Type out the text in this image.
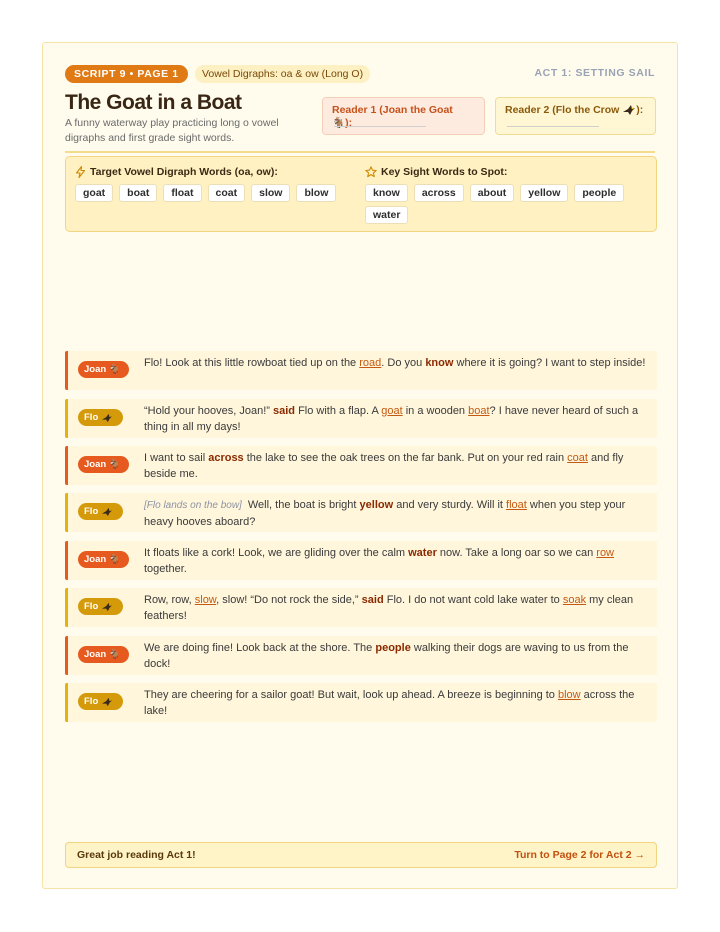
SCRIPT 9 • PAGE 1	Vowel Digraphs: oa & ow (Long O)	ACT 1: SETTING SAIL
The Goat in a Boat
A funny waterway play practicing long o vowel digraphs and first grade sight words.
Reader 1 (Joan the Goat 🐐):
Reader 2 (Flo the Crow ):
Target Vowel Digraph Words (oa, ow):
goat	boat	float	coat	slow	blow
Key Sight Words to Spot:
know	across	about	yellow	people
water
Joan 🐐
Flo! Look at this little rowboat tied up on the road. Do you know where it is going? I want to step inside!
Flo
“Hold your hooves, Joan!” said Flo with a flap. A goat in a wooden boat? I have never heard of such a thing in all my days!
Joan 🐐
I want to sail across the lake to see the oak trees on the far bank. Put on your red rain coat and fly beside me.
Flo
[Flo lands on the bow] Well, the boat is bright yellow and very sturdy. Will it float when you step your heavy hooves aboard?
Joan 🐐
It floats like a cork! Look, we are gliding over the calm water now. Take a long oar so we can row together.
Flo
Row, row, slow, slow! “Do not rock the side,” said Flo. I do not want cold lake water to soak my clean feathers!
Joan 🐐
We are doing fine! Look back at the shore. The people walking their dogs are waving to us from the dock!
Flo
They are cheering for a sailor goat! But wait, look up ahead. A breeze is beginning to blow across the lake!
Great job reading Act 1!	Turn to Page 2 for Act 2 →
